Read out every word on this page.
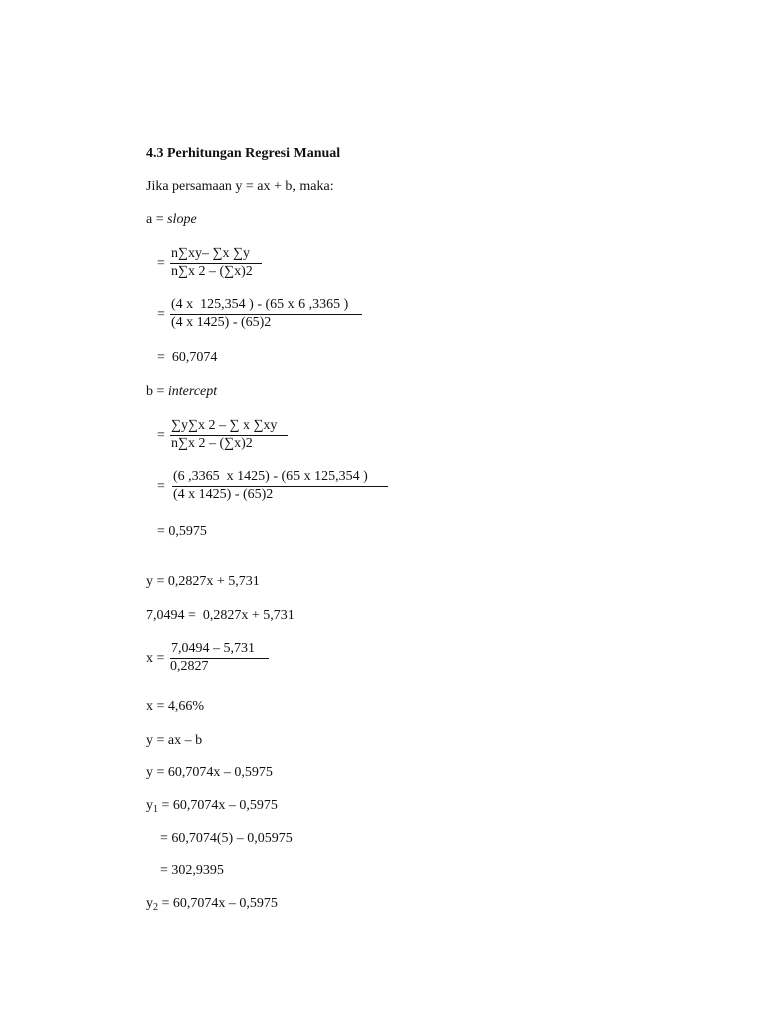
4.3 Perhitungan Regresi Manual
Jika persamaan y = ax + b, maka:
a = slope

=

n∑xy– ∑x ∑y

n∑x 2 – (∑x)2

=

(4 x  125,354 ) - (65 x 6 ,3365 )

(4 x 1425) - (65)2

=  60,7074
b = intercept

=

∑y∑x 2 – ∑ x ∑xy

n∑x 2 – (∑x)2

=

(6 ,3365  x 1425) - (65 x 125,354 )

(4 x 1425) - (65)2

= 0,5975
y = 0,2827x + 5,731
7,0494 =  0,2827x + 5,731

x =

7,0494 – 5,731

0,2827

x = 4,66%
y = ax – b
y = 60,7074x – 0,5975
$y_1 = 60,7074x - 0,5975$
= 60,7074(5) – 0,05975
= 302,9395
$y_2 = 60,7074x - 0,5975$
